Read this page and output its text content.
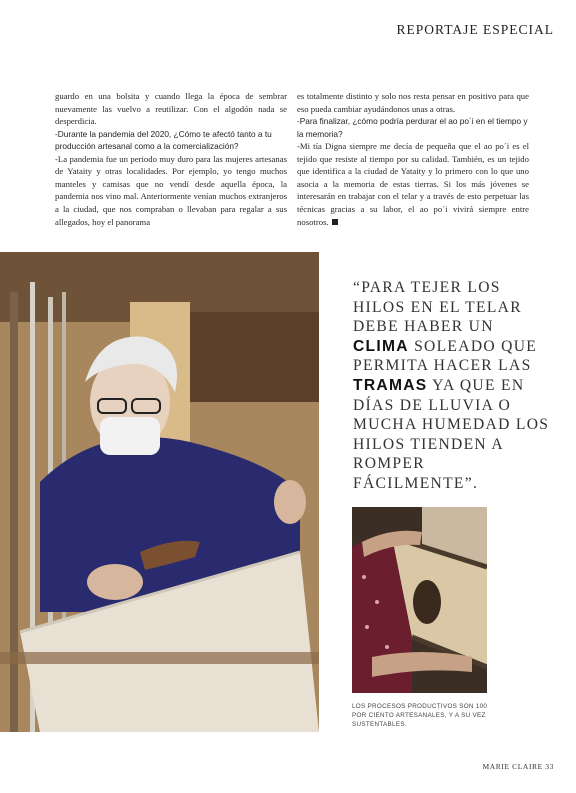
REPORTAJE ESPECIAL

guardo en una bolsita y cuando llega la época de sembrar nuevamente las vuelvo a reutilizar. Con el algodón nada se desperdicia.

-Durante la pandemia del 2020, ¿Cómo te afectó tanto a tu producción artesanal como a la comercialización?

-La pandemia fue un periodo muy duro para las mujeres artesanas de Yataity y otras localidades. Por ejemplo, yo tengo muchos manteles y camisas que no vendí desde aquella época, la pandemia nos vino mal. Anteriormente venían muchos extranjeros a la ciudad, que nos compraban o llevaban para regalar a sus allegados, hoy el panorama

es totalmente distinto y solo nos resta pensar en positivo para que eso pueda cambiar ayudándonos unas a otras.

-Para finalizar, ¿cómo podría perdurar el ao po´i en el tiempo y la memoria?

-Mi tía Digna siempre me decía de pequeña que el ao po´i es el tejido que resiste al tiempo por su calidad. También, es un tejido que identifica a la ciudad de Yataity y lo primero con lo que uno asocia a la memoria de estas tierras. Si los más jóvenes se interesarán en trabajar con el telar y a través de esto perpetuar las técnicas gracias a su labor, el ao po´i vivirá siempre entre nosotros.

“PARA TEJER LOS HILOS EN EL TELAR DEBE HABER UN CLIMA SOLEADO QUE PERMITA HACER LAS TRAMAS YA QUE EN DÍAS DE LLUVIA O MUCHA HUMEDAD LOS HILOS TIENDEN A ROMPER FÁCILMENTE”.
LOS PROCESOS PRODUCTIVOS SON 100 POR CIENTO ARTESANALES, Y A SU VEZ SUSTENTABLES.
MARIE CLAIRE 33
